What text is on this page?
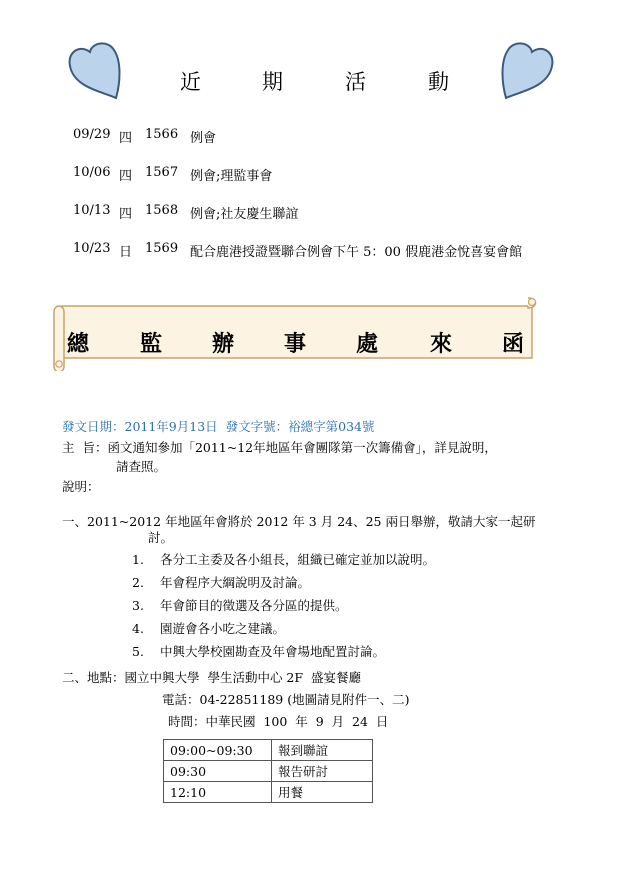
近	期	活	動
09/29 四 1566 例會
10/06 四 1567 例會;理監事會
10/13 四 1568 例會;社友慶生聯誼
10/23 日 1569 配合鹿港授證暨聯合例會下午 5：00 假鹿港金悅喜宴會館
總 監 辦 事 處 來 函
發文日期：2011年9月13日  發文字號：裕總字第034號
主  旨：函文通知參加「2011~12年地區年會團隊第一次籌備會」，詳見說明，
請查照。
說明：
一、2011~2012 年地區年會將於 2012 年 3 月 24、25 兩日舉辦，敬請大家一起研
討。
1. 各分工主委及各小組長，組織已確定並加以說明。
2. 年會程序大綱說明及討論。
3. 年會節目的徵選及各分區的提供。
4. 園遊會各小吃之建議。
5. 中興大學校園勘查及年會場地配置討論。
二、地點：國立中興大學  學生活動中心 2F  盛宴餐廳
電話：04-22851189 (地圖請見附件一、二)
時間：中華民國  100  年  9  月  24  日
09:00~09:30	報到聯誼
09:30	報告研討
12:10	用餐
